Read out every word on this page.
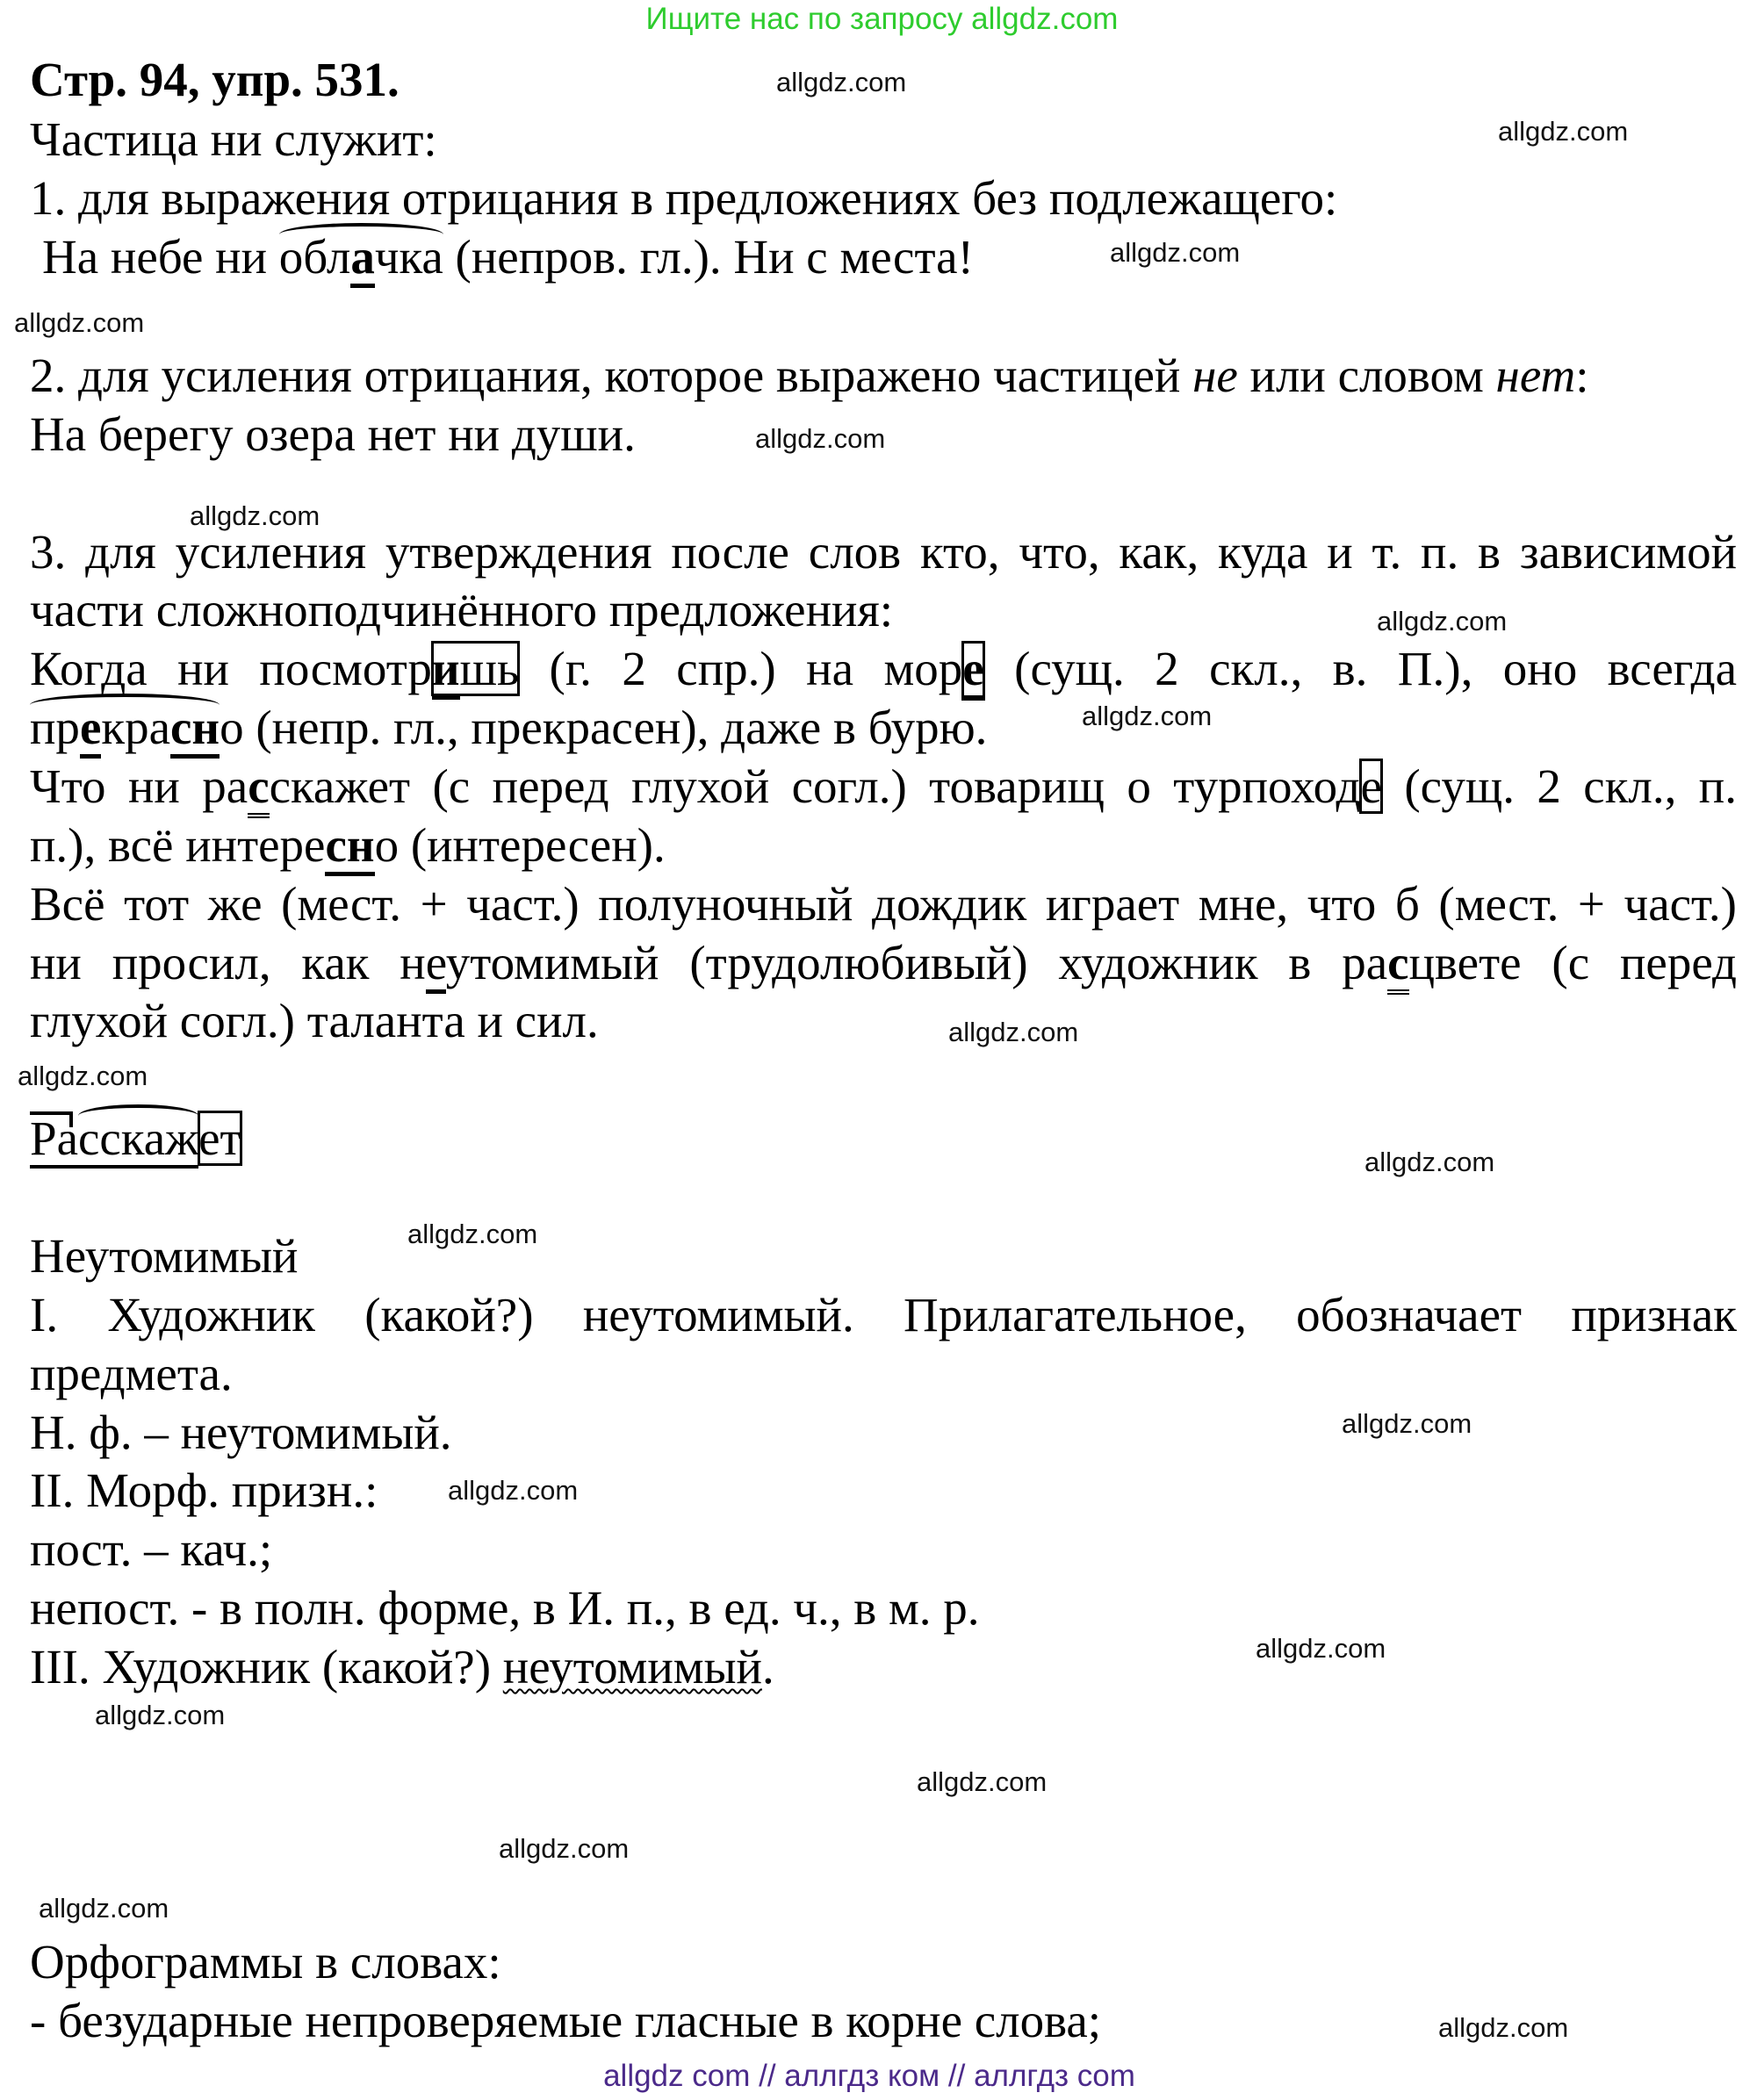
Ищите нас по запросу allgdz.com
Стр. 94, упр. 531.
Частица ни служит:
1. для выражения отрицания в предложениях без подлежащего:
На небе ни облачка (непров. гл.). Ни с места!
2. для усиления отрицания, которое выражено частицей не или словом нет:
На берегу озера нет ни души.
3. для усиления утверждения после слов кто, что, как, куда и т. п. в зависимой
части сложноподчинённого предложения:
Когда ни посмотришь (г. 2 спр.) на море (сущ. 2 скл., в. П.), оно всегда
прекрасно (непр. гл., прекрасен), даже в бурю.
Что ни расскажет (с перед глухой согл.) товарищ о турпоходе (сущ. 2 скл., п.
п.), всё интересно (интересен).
Всё тот же (мест. + част.) полуночный дождик играет мне, что б (мест. + част.)
ни просил, как неутомимый (трудолюбивый) художник в расцвете (с перед
глухой согл.) таланта и сил.
Расскажет
Неутомимый
I. Художник (какой?) неутомимый. Прилагательное, обозначает признак
предмета.
Н. ф. – неутомимый.
II. Морф. призн.:
пост. – кач.;
непост. - в полн. форме, в И. п., в ед. ч., в м. р.
III. Художник (какой?) неутомимый.
Орфограммы в словах:
- безударные непроверяемые гласные в корне слова;
allgdz com // аллгдз ком // аллгдз com
allgdz.com
allgdz.com
allgdz.com
allgdz.com
allgdz.com
allgdz.com
allgdz.com
allgdz.com
allgdz.com
allgdz.com
allgdz.com
allgdz.com
allgdz.com
allgdz.com
allgdz.com
allgdz.com
allgdz.com
allgdz.com
allgdz.com
allgdz.com
